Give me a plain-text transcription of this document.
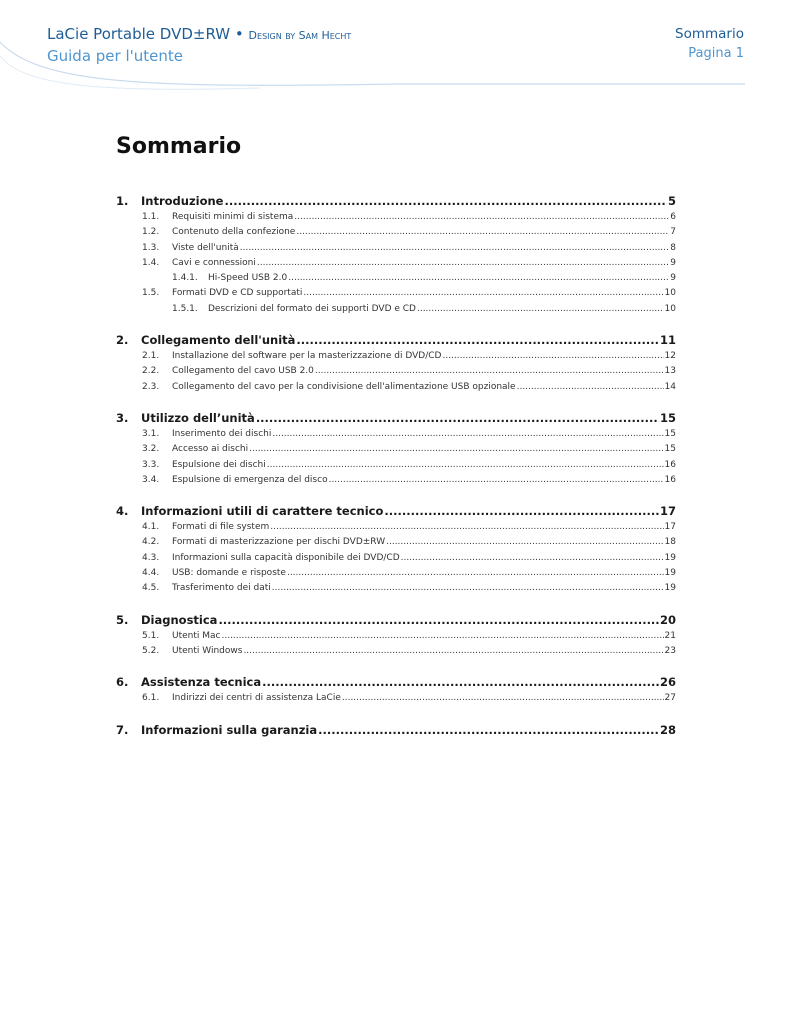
LaCie Portable DVD±RW • Design by Sam Hecht
Guida per l'utente
Sommario
Pagina 1
Sommario
1.	Introduzione .....	5
1.1.	Requisiti minimi di sistema .....	6
1.2.	Contenuto della confezione .....	7
1.3.	Viste dell'unità .....	8
1.4.	Cavi e connessioni .....	9
1.4.1.	Hi-Speed USB 2.0 .....	9
1.5.	Formati DVD e CD supportati .....	10
1.5.1.	Descrizioni del formato dei supporti DVD e CD .....	10
2.	Collegamento dell'unità .....	11
2.1.	Installazione del software per la masterizzazione di DVD/CD .....	12
2.2.	Collegamento del cavo USB 2.0 .....	13
2.3.	Collegamento del cavo per la condivisione dell'alimentazione USB opzionale .....	14
3.	Utilizzo dell’unità .....	15
3.1.	Inserimento dei dischi .....	15
3.2.	Accesso ai dischi .....	15
3.3.	Espulsione dei dischi .....	16
3.4.	Espulsione di emergenza del disco .....	16
4.	Informazioni utili di carattere tecnico .....	17
4.1.	Formati di file system .....	17
4.2.	Formati di masterizzazione per dischi DVD±RW .....	18
4.3.	Informazioni sulla capacità disponibile dei DVD/CD .....	19
4.4.	USB: domande e risposte .....	19
4.5.	Trasferimento dei dati .....	19
5.	Diagnostica .....	20
5.1.	Utenti Mac .....	21
5.2.	Utenti Windows .....	23
6.	Assistenza tecnica .....	26
6.1.	Indirizzi dei centri di assistenza LaCie .....	27
7.	Informazioni sulla garanzia .....	28
